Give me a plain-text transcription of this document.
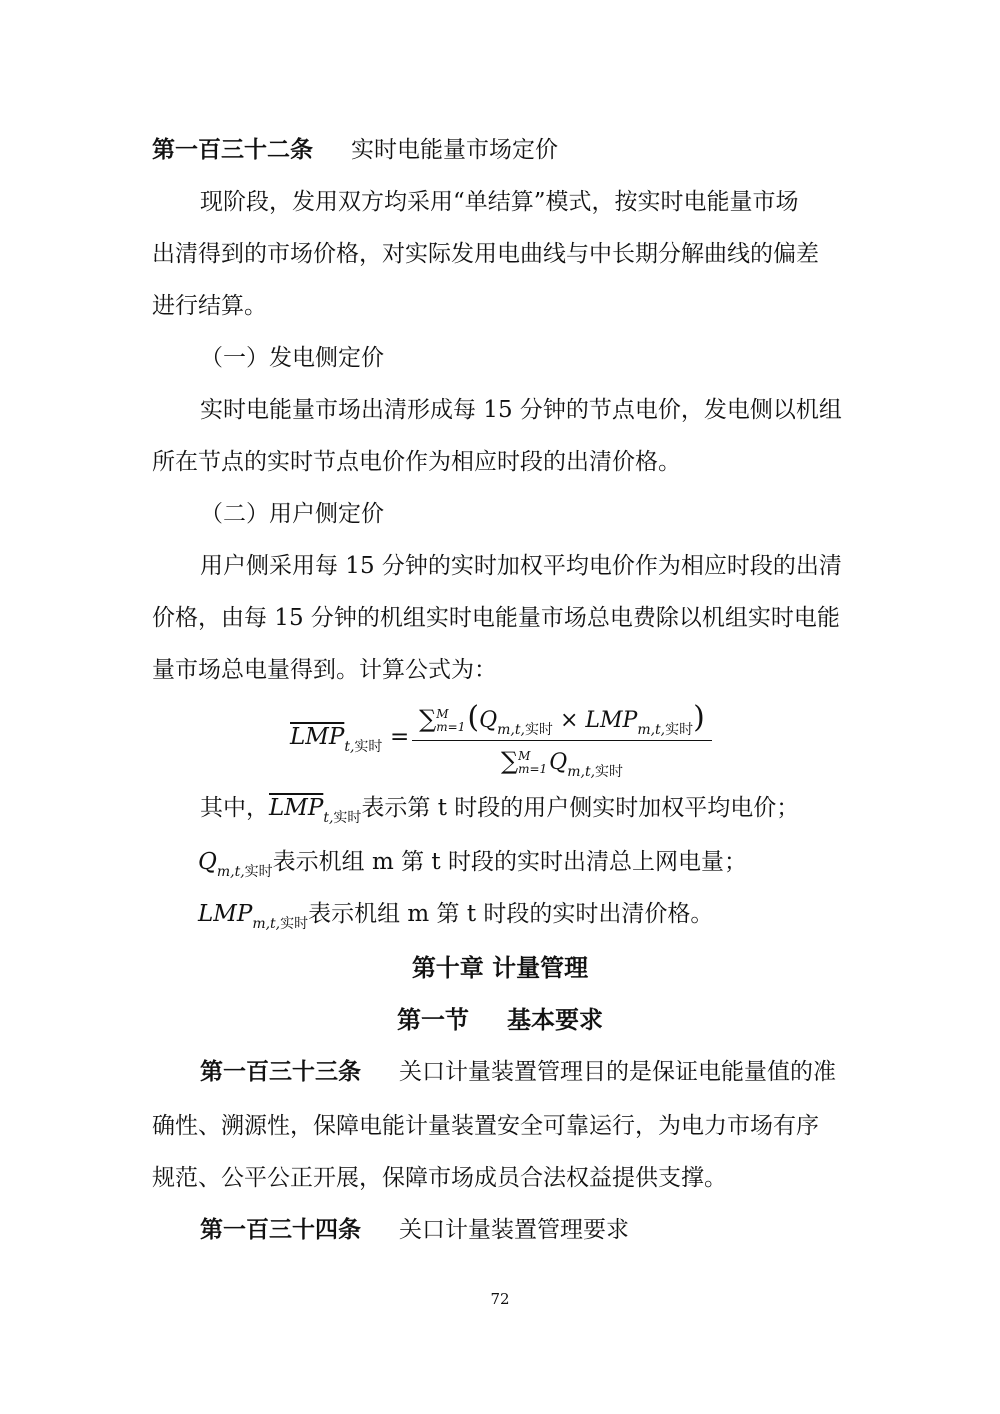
第一百三十二条 实时电能量市场定价
现阶段，发用双方均采用“单结算”模式，按实时电能量市场
出清得到的市场价格，对实际发用电曲线与中长期分解曲线的偏差
进行结算。
（一）发电侧定价
实时电能量市场出清形成每 15 分钟的节点电价，发电侧以机组
所在节点的实时节点电价作为相应时段的出清价格。
（二）用户侧定价
用户侧采用每 15 分钟的实时加权平均电价作为相应时段的出清
价格，由每 15 分钟的机组实时电能量市场总电费除以机组实时电能
量市场总电量得到。计算公式为：
$\overline{LMP}_{t,实时}$ =
∑M
$m=1(Q_{m,t,实时} \times LMP_{m,t,实时})$
∑M
$m=1Q_{m,t,实时}$
其中，$\overline{LMP}_{t,实时}$表示第 t 时段的用户侧实时加权平均电价；
$Q_{m,t,实时}$表示机组 m 第 t 时段的实时出清总上网电量；
$LMP_{m,t,实时}$表示机组 m 第 t 时段的实时出清价格。
第十章 计量管理
第一节 基本要求
第一百三十三条 关口计量装置管理目的是保证电能量值的准
确性、溯源性，保障电能计量装置安全可靠运行，为电力市场有序
规范、公平公正开展，保障市场成员合法权益提供支撑。
第一百三十四条 关口计量装置管理要求
72
